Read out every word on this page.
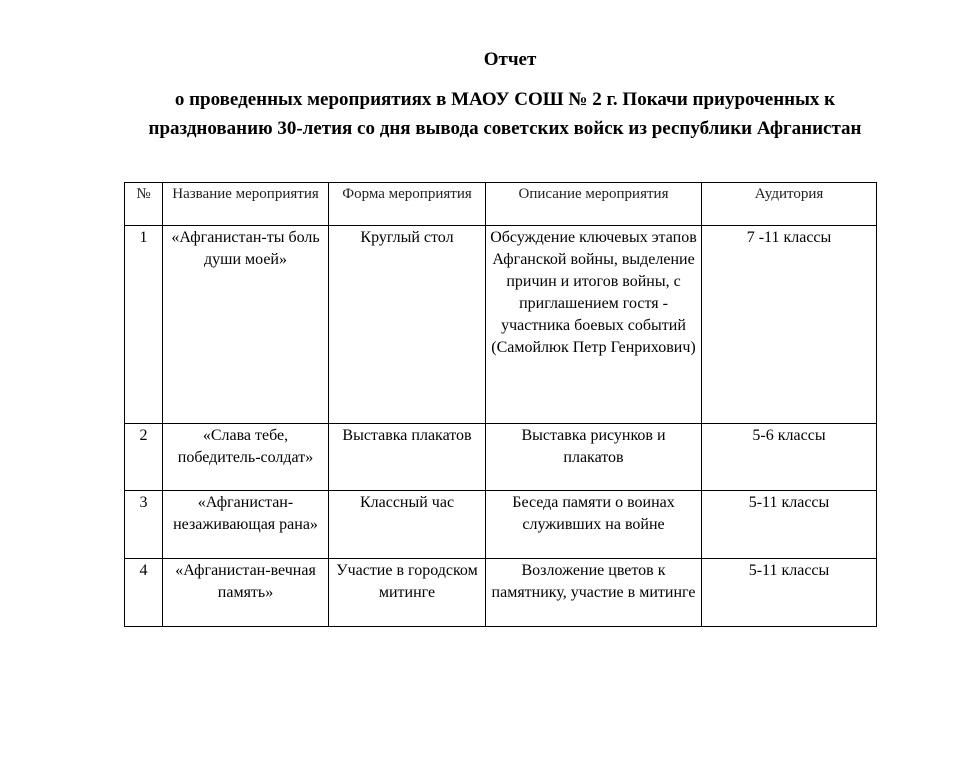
Отчет
о проведенных мероприятиях в МАОУ СОШ № 2 г. Покачи приуроченных к празднованию 30-летия со дня вывода советских войск из республики Афганистан
№	Название мероприятия	Форма мероприятия	Описание мероприятия	Аудитория
1	«Афганистан-ты боль души моей»	Круглый стол	Обсуждение ключевых этапов Афганской войны, выделение причин и итогов войны, с приглашением гостя - участника боевых событий (Самойлюк Петр Генрихович)	7 -11 классы
2	«Слава тебе, победитель-солдат»	Выставка плакатов	Выставка рисунков и плакатов	5-6 классы
3	«Афганистан-незаживающая рана»	Классный час	Беседа памяти о воинах служивших на войне	5-11 классы
4	«Афганистан-вечная память»	Участие в городском митинге	Возложение цветов к памятнику, участие в митинге	5-11 классы
